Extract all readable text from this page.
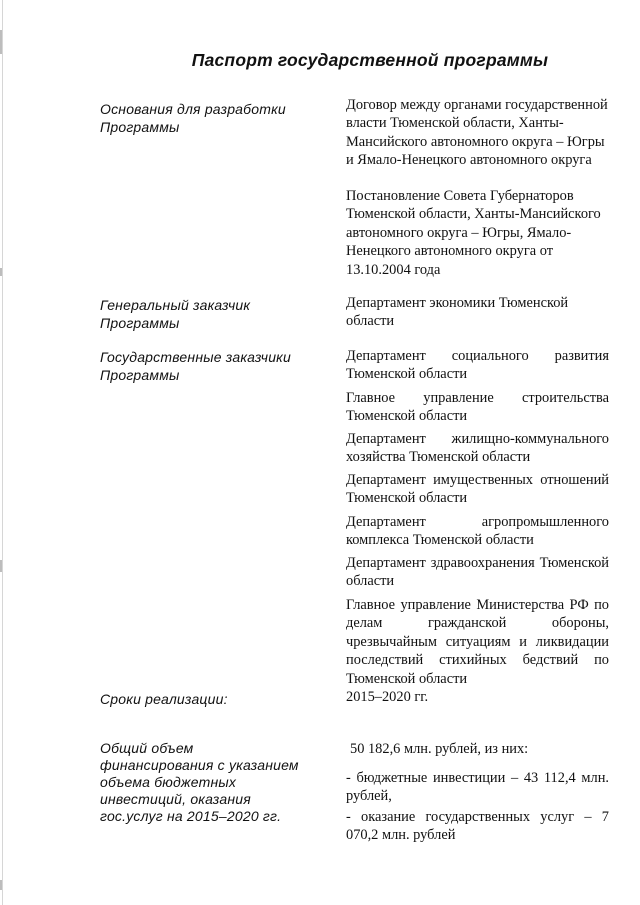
Паспорт государственной программы
Основания для разработки Программы
Договор между органами государственной власти Тюменской области, Ханты-Мансийского автономного округа – Югры и Ямало-Ненецкого автономного округа
Постановление Совета Губернаторов Тюменской области, Ханты-Мансийского автономного округа – Югры, Ямало-Ненецкого автономного округа от 13.10.2004 года
Генеральный заказчик Программы
Департамент экономики Тюменской области
Государственные заказчики Программы
Департамент социального развития Тюменской области
Главное управление строительства Тюменской области
Департамент жилищно-коммунального хозяйства Тюменской области
Департамент имущественных отношений Тюменской области
Департамент агропромышленного комплекса Тюменской области
Департамент здравоохранения Тюменской области
Главное управление Министерства РФ по делам гражданской обороны, чрезвычайным ситуациям и ликвидации последствий стихийных бедствий по Тюменской области
Сроки реализации:	2015–2020 гг.
Общий объем финансирования с указанием объема бюджетных инвестиций, оказания гос.услуг на 2015–2020 гг.
50 182,6 млн. рублей, из них:
- бюджетные инвестиции – 43 112,4 млн. рублей,
- оказание государственных услуг – 7 070,2 млн. рублей
